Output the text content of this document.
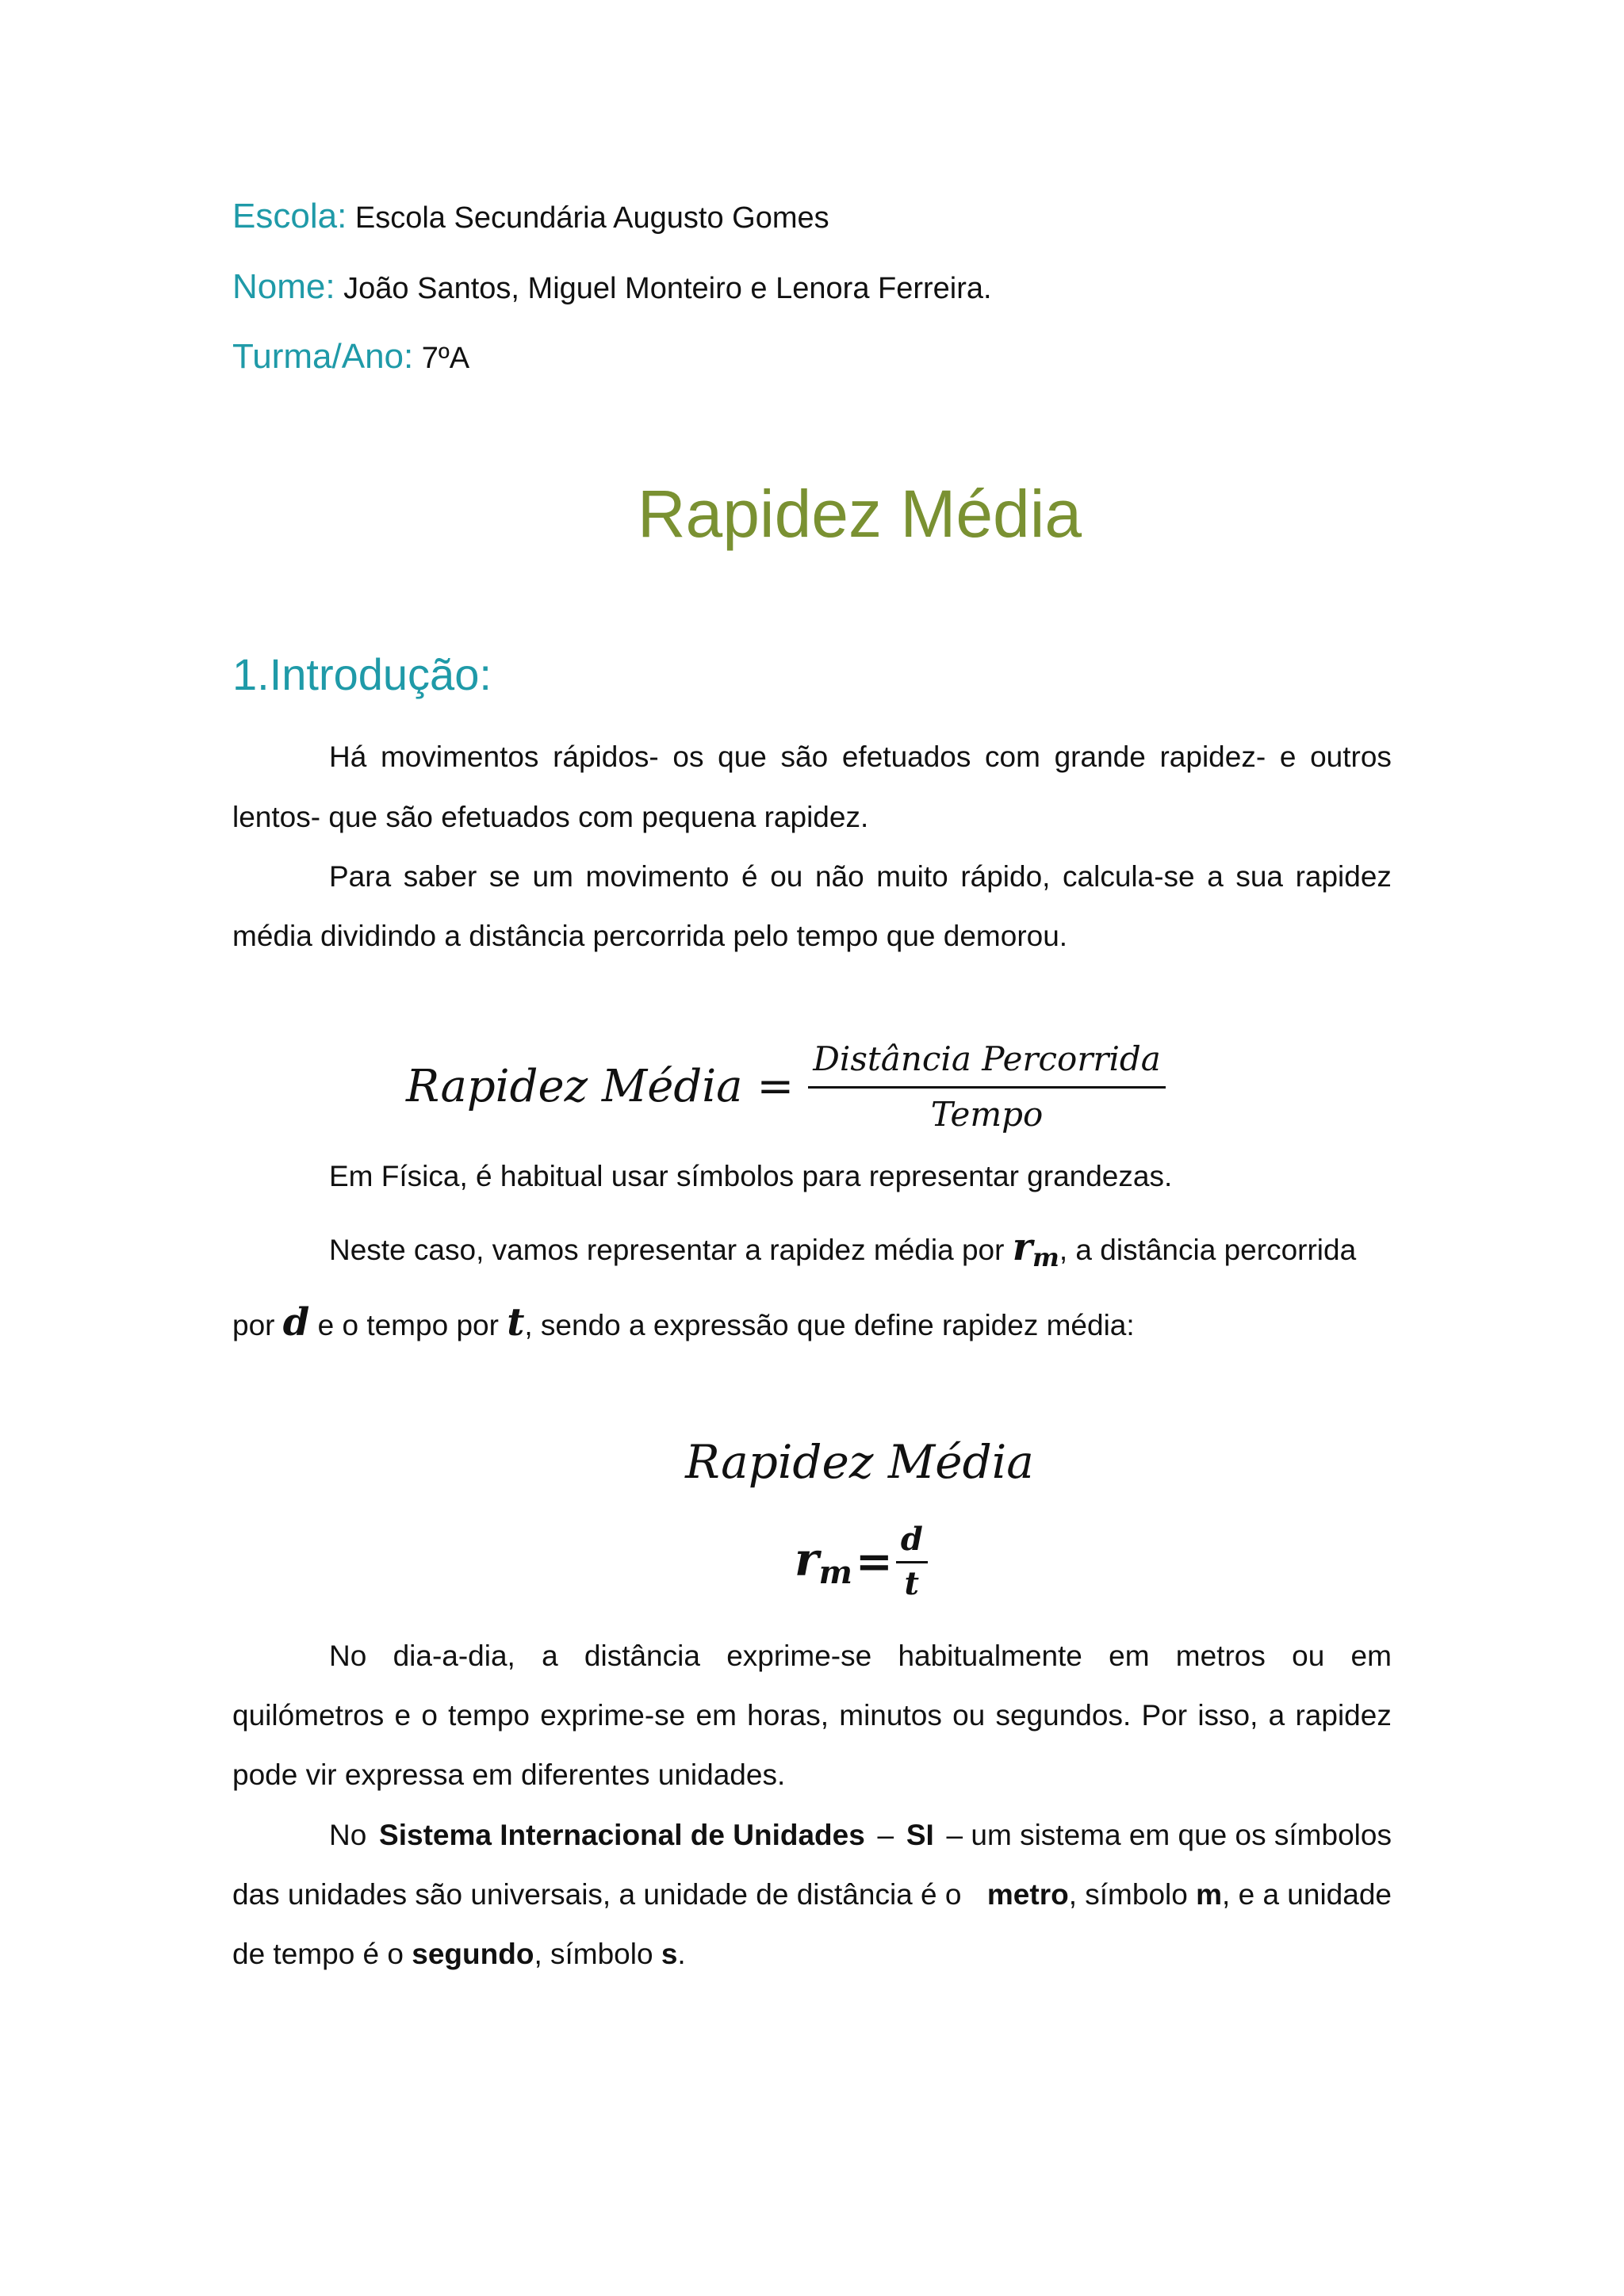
Escola: Escola Secundária Augusto Gomes
Nome: João Santos, Miguel Monteiro e Lenora Ferreira.
Turma/Ano: 7ºA
Rapidez Média
1.Introdução:
Há movimentos rápidos- os que são efetuados com grande rapidez- e outros
lentos- que são efetuados com pequena rapidez.
Para saber se um movimento é ou não muito rápido, calcula-se a sua rapidez
média dividindo a distância percorrida pelo tempo que demorou.
Rapidez Média = $\frac{\text{Distância Percorrida}}{\text{Tempo}}$
Em Física, é habitual usar símbolos para representar grandezas.
Neste caso, vamos representar a rapidez média por $r_m$, a distância percorrida
por d e o tempo por t, sendo a expressão que define rapidez média:
Rapidez Média
$r_m = \frac{d}{t}$
No dia-a-dia, a distância exprime-se habitualmente em metros ou em
quilómetros e o tempo exprime-se em horas, minutos ou segundos. Por isso, a rapidez
pode vir expressa em diferentes unidades.
No Sistema Internacional de Unidades – SI – um sistema em que os símbolos
das unidades são universais, a unidade de distância é o metro, símbolo m, e a unidade
de tempo é o segundo, símbolo s.
